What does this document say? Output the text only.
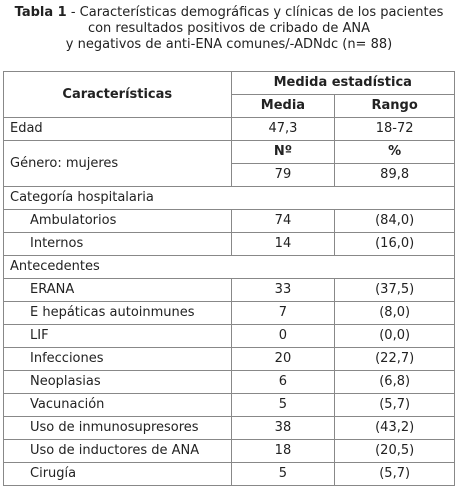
Tabla 1 - Características demográficas y clínicas de los pacientes
con resultados positivos de cribado de ANA
y negativos de anti-ENA comunes/-ADNdc (n= 88)
Características	Medida estadística	
	Media	Rango
Edad	47,3	18-72
Género: mujeres	Nº	%
	79	89,8
Categoría hospitalaria		
Ambulatorios	74	(84,0)
Internos	14	(16,0)
Antecedentes		
ERANA	33	(37,5)
E hepáticas autoinmunes	7	(8,0)
LIF	0	(0,0)
Infecciones	20	(22,7)
Neoplasias	6	(6,8)
Vacunación	5	(5,7)
Uso de inmunosupresores	38	(43,2)
Uso de inductores de ANA	18	(20,5)
Cirugía	5	(5,7)
